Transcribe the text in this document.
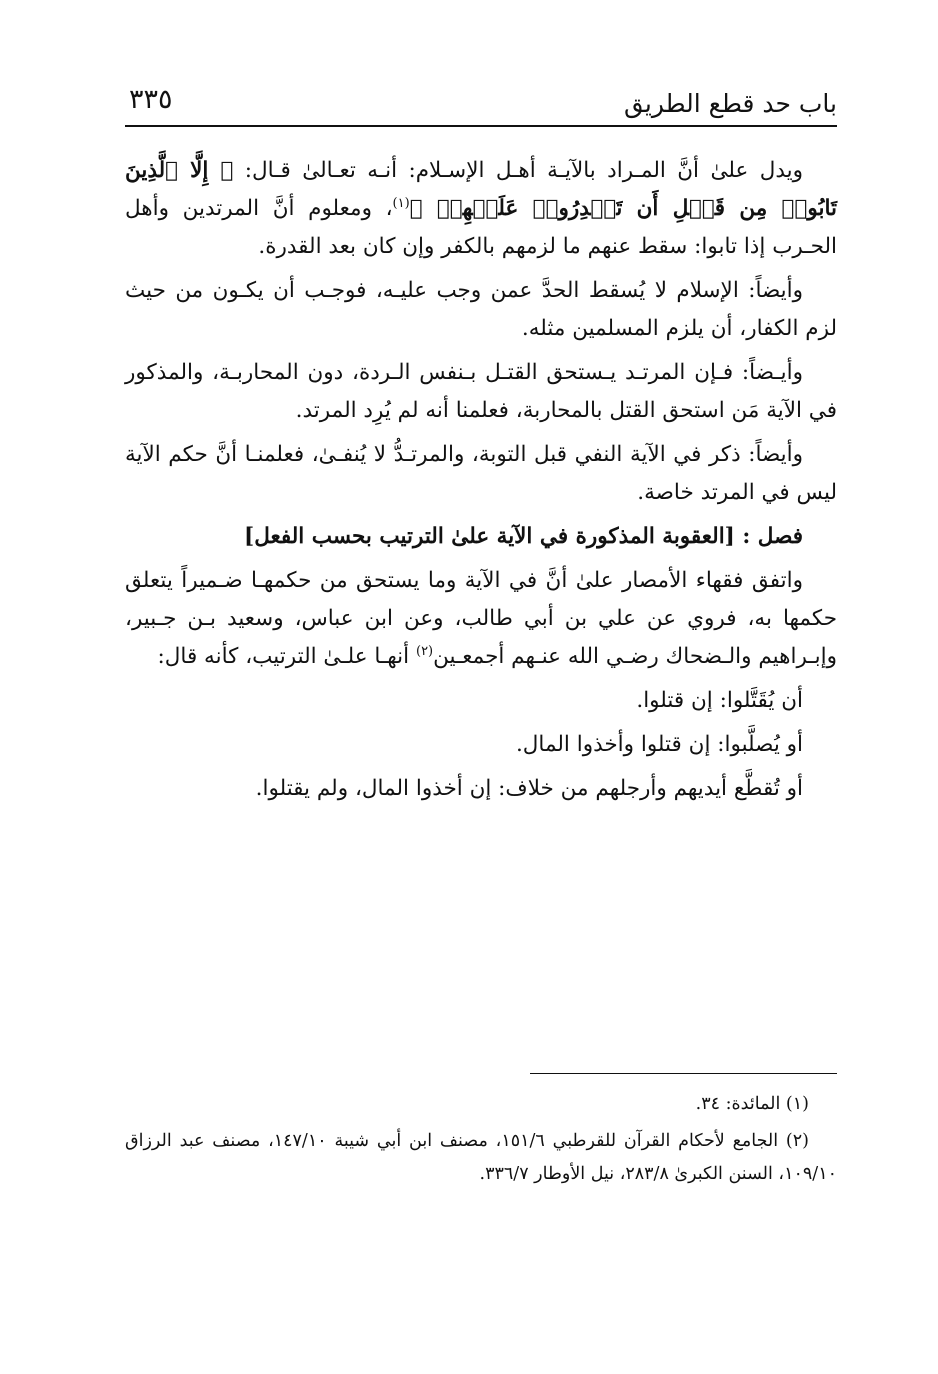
باب حد قطع الطريق
٣٣٥

ويدل علىٰ أنَّ المـراد بالآيـة أهـل الإسـلام: أنـه تعـالىٰ قـال: ﴿ إِلَّا ٱلَّذِينَ تَابُوا۟ مِن قَبۡلِ أَن تَقۡدِرُوا۟ عَلَيۡهِمۡ ﴾$^{(١)}$، ومعلوم أنَّ المرتدين وأهل الحـرب إذا تابوا: سقط عنهم ما لزمهم بالكفر وإن كان بعد القدرة.

وأيضاً: الإسلام لا يُسقط الحدَّ عمن وجب عليـه، فوجـب أن يكـون من حيث لزم الكفار، أن يلزم المسلمين مثله.

وأيـضاً: فـإن المرتـد يـستحق القتـل بـنفس الـردة، دون المحاربـة، والمذكور في الآية مَن استحق القتل بالمحاربة، فعلمنا أنه لم يُرِد المرتد.

وأيضاً: ذكر في الآية النفي قبل التوبة، والمرتـدُّ لا يُنفـىٰ، فعلمنـا أنَّ حكم الآية ليس في المرتد خاصة.

فصل : [العقوبة المذكورة في الآية علىٰ الترتيب بحسب الفعل]

واتفق فقهاء الأمصار علىٰ أنَّ في الآية وما يستحق من حكمهـا ضـميراً يتعلق حكمها به، فروي عن علي بن أبي طالب، وعن ابن عباس، وسعيد بـن جـبير، وإبـراهيم والـضحاك رضـي الله عنـهم أجمعـين$^{(٢)}$ أنهـا علـىٰ الترتيب، كأنه قال:

أن يُقَتَّلوا: إن قتلوا.

أو يُصلَّبوا: إن قتلوا وأخذوا المال.

أو تُقطَّع أيديهم وأرجلهم من خلاف: إن أخذوا المال، ولم يقتلوا.

(١) المائدة: ٣٤.

(٢) الجامع لأحكام القرآن للقرطبي ١٥١/٦، مصنف ابن أبي شيبة ١٤٧/١٠، مصنف عبد الرزاق ١٠٩/١٠، السنن الكبرىٰ ٢٨٣/٨، نيل الأوطار ٣٣٦/٧.
